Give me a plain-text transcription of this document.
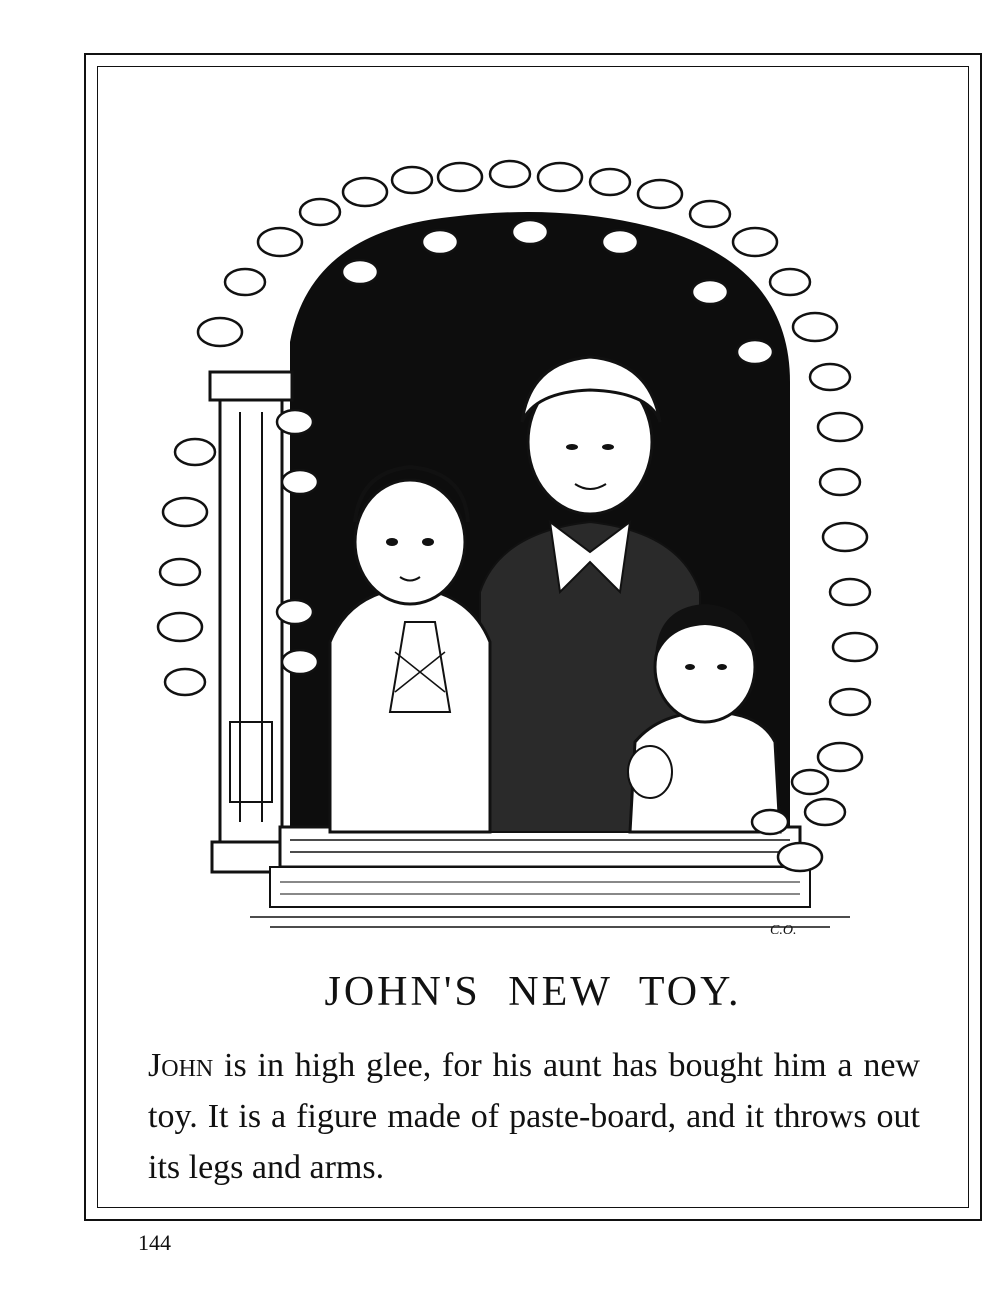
C.O.
JOHN'S NEW TOY.

John is in high glee, for his aunt has bought him a new toy. It is a figure made of paste-board, and it throws out its legs and arms.

144
